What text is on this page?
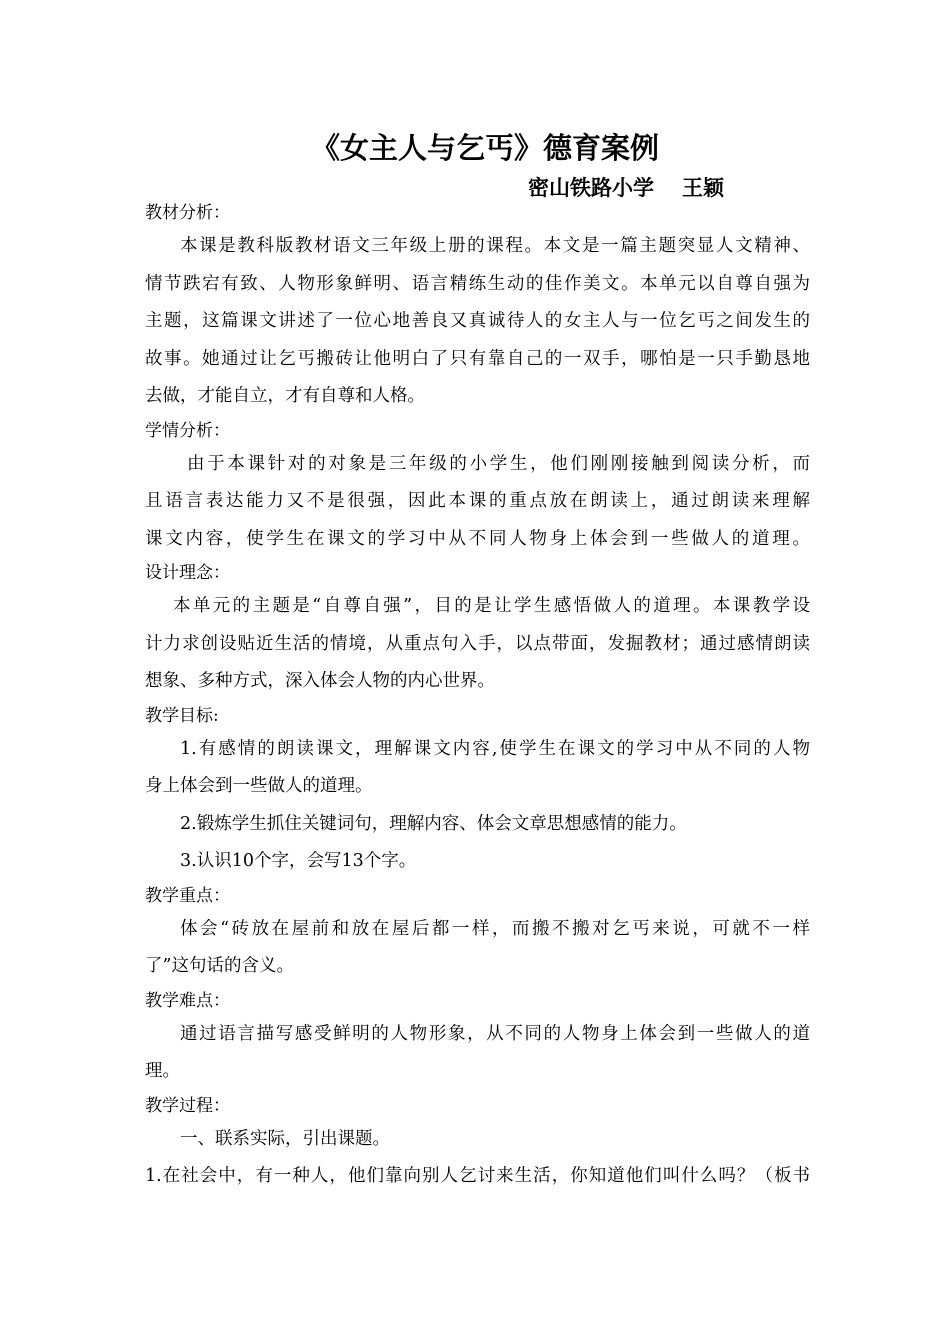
《女主人与乞丐》德育案例
密山铁路小学 王颖
教材分析：
本课是教科版教材语文三年级上册的课程。本文是一篇主题突显人文精神、
情节跌宕有致、人物形象鲜明、语言精练生动的佳作美文。本单元以自尊自强为
主题，这篇课文讲述了一位心地善良又真诚待人的女主人与一位乞丐之间发生的
故事。她通过让乞丐搬砖让他明白了只有靠自己的一双手，哪怕是一只手勤恳地
去做，才能自立，才有自尊和人格。
学情分析：
由于本课针对的对象是三年级的小学生，他们刚刚接触到阅读分析，而
且语言表达能力又不是很强，因此本课的重点放在朗读上，通过朗读来理解
课文内容，使学生在课文的学习中从不同人物身上体会到一些做人的道理。
设计理念：
本单元的主题是“自尊自强”，目的是让学生感悟做人的道理。本课教学设
计力求创设贴近生活的情境，从重点句入手，以点带面，发掘教材；通过感情朗读
想象、多种方式，深入体会人物的内心世界。
教学目标:
1.有感情的朗读课文，理解课文内容,使学生在课文的学习中从不同的人物
身上体会到一些做人的道理。
2.锻炼学生抓住关键词句，理解内容、体会文章思想感情的能力。
3.认识10个字，会写13个字。
教学重点：
体会“砖放在屋前和放在屋后都一样，而搬不搬对乞丐来说，可就不一样
了”这句话的含义。
教学难点：
通过语言描写感受鲜明的人物形象，从不同的人物身上体会到一些做人的道
理。
教学过程：
一、联系实际，引出课题。
1.在社会中，有一种人，他们靠向别人乞讨来生活，你知道他们叫什么吗？（板书
